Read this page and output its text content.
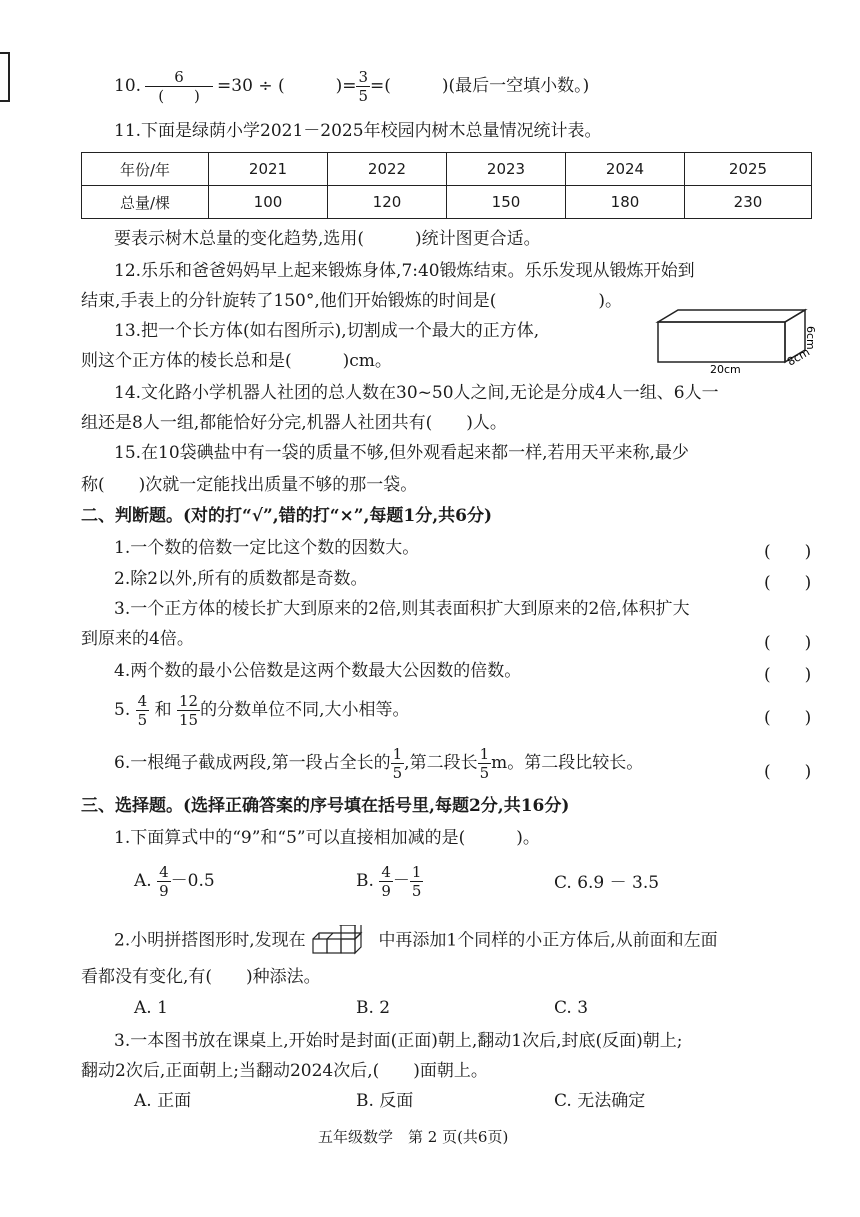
10. $\frac{6}{( )} =30$ ÷ (　　　)= $\frac{3}{5}$ =(　　　)(最后一空填小数。)
11.下面是绿荫小学2021－2025年校园内树木总量情况统计表。
年份/年	2021	2022	2023	2024	2025
总量/棵	100	120	150	180	230
要表示树木总量的变化趋势,选用(　　　)统计图更合适。
12.乐乐和爸爸妈妈早上起来锻炼身体,7:40锻炼结束。乐乐发现从锻炼开始到
结束,手表上的分针旋转了150°,他们开始锻炼的时间是(　　　　　　)。
13.把一个长方体(如右图所示),切割成一个最大的正方体,
则这个正方体的棱长总和是(　　　)cm。	20cm
8cm
6cm
14.文化路小学机器人社团的总人数在30~50人之间,无论是分成4人一组、6人一
组还是8人一组,都能恰好分完,机器人社团共有(　　)人。
15.在10袋碘盐中有一袋的质量不够,但外观看起来都一样,若用天平来称,最少
称(　　)次就一定能找出质量不够的那一袋。
二、判断题。(对的打“√”,错的打“×”,每题1分,共6分)
1.一个数的倍数一定比这个数的因数大。	(　　)
2.除2以外,所有的质数都是奇数。	(　　)
3.一个正方体的棱长扩大到原来的2倍,则其表面积扩大到原来的2倍,体积扩大
到原来的4倍。	(　　)
4.两个数的最小公倍数是这两个数最大公因数的倍数。	(　　)
5. $\frac{4}{5}$ 和 $\frac{12}{15}$ 的分数单位不同,大小相等。	(　　)
6.一根绳子截成两段,第一段占全长的 $\frac{1}{5}$ ,第二段长 $\frac{1}{5}$ m。第二段比较长。	(　　)
三、选择题。(选择正确答案的序号填在括号里,每题2分,共16分)
1.下面算式中的“9”和“5”可以直接相加减的是(　　　)。
A. $\frac{4}{9} -0.5$	B. $\frac{4}{9} - \frac{1}{5}$	C. 6.9 － 3.5
2.小明拼搭图形时,发现在	中再添加1个同样的小正方体后,从前面和左面
看都没有变化,有(　　)种添法。
A. 1	B. 2	C. 3
3.一本图书放在课桌上,开始时是封面(正面)朝上,翻动1次后,封底(反面)朝上;
翻动2次后,正面朝上;当翻动2024次后,(　　)面朝上。
A. 正面	B. 反面	C. 无法确定
五年级数学　第 2 页(共6页)
